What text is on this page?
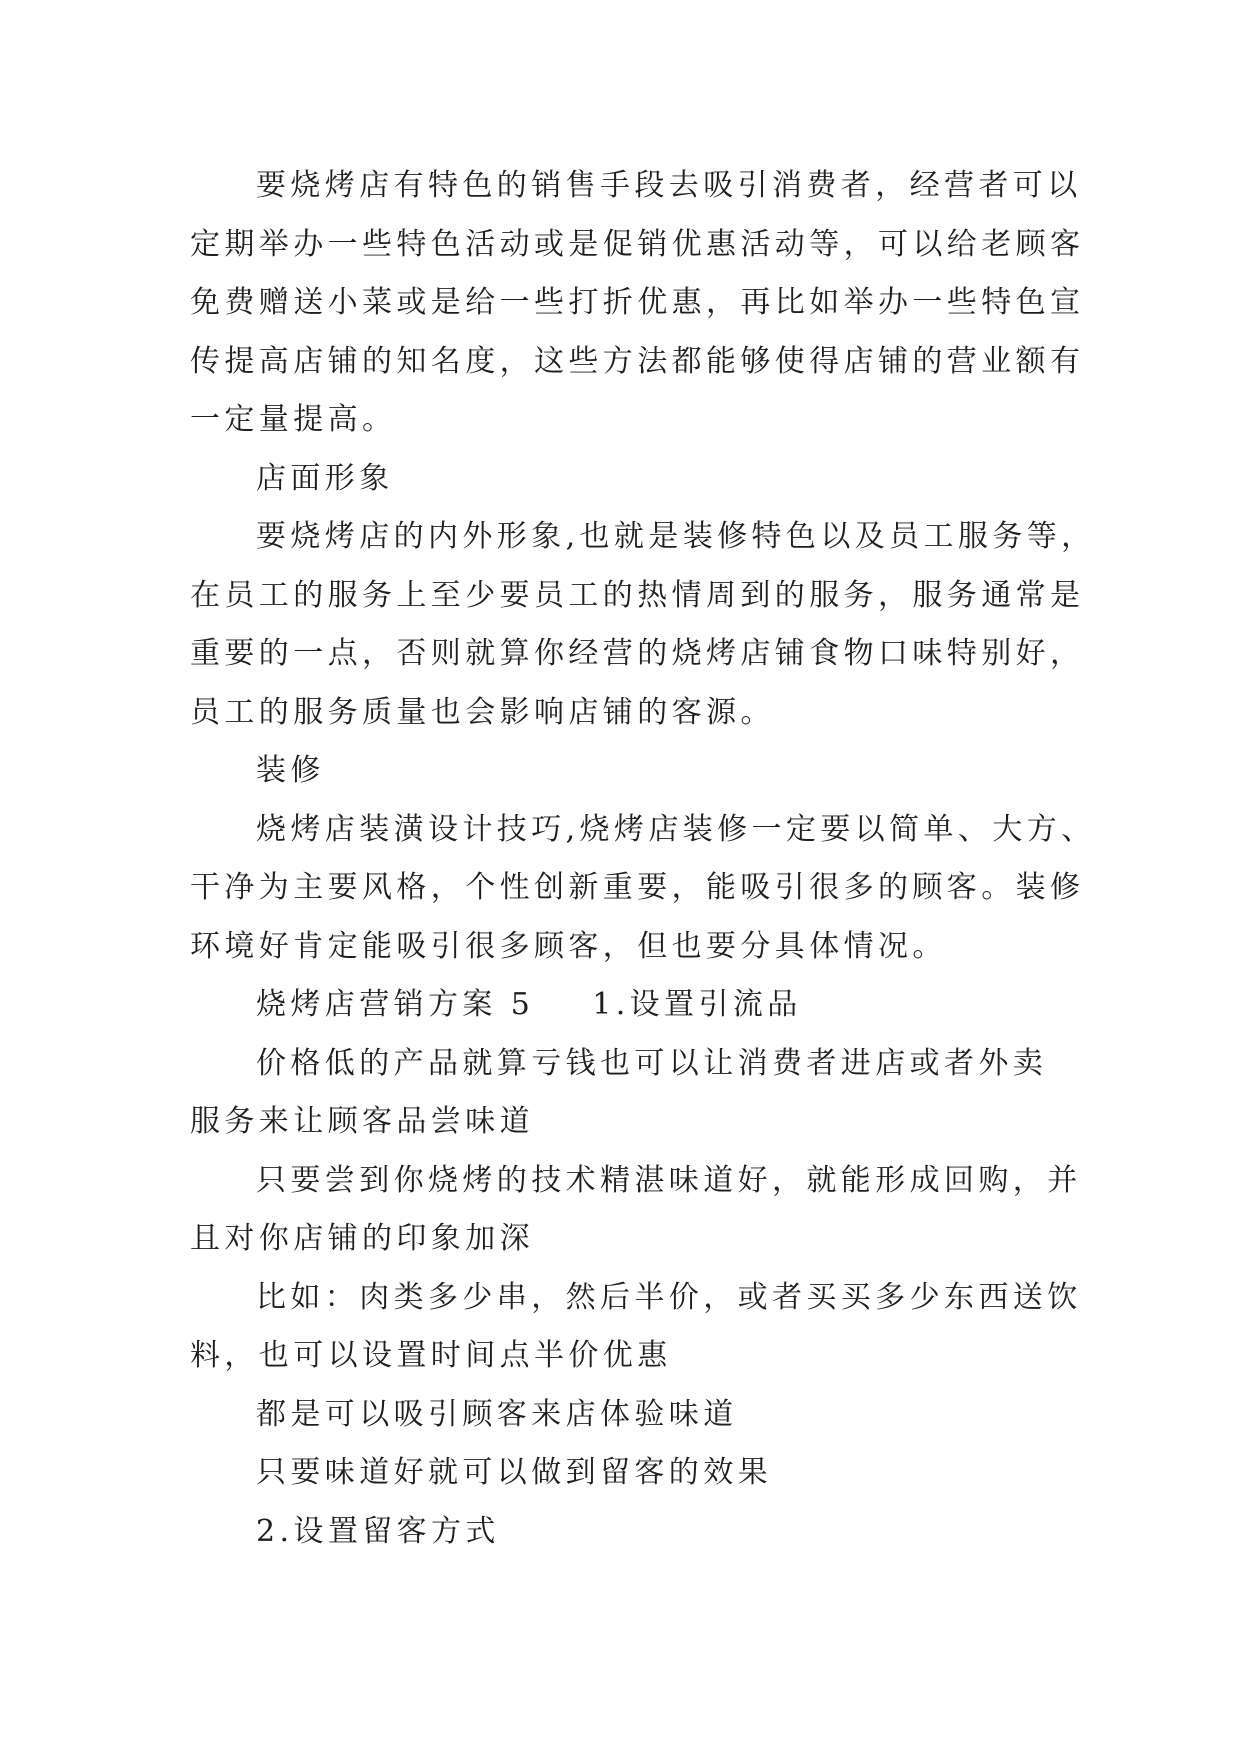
要烧烤店有特色的销售手段去吸引消费者，经营者可以
定期举办一些特色活动或是促销优惠活动等，可以给老顾客
免费赠送小菜或是给一些打折优惠，再比如举办一些特色宣
传提高店铺的知名度，这些方法都能够使得店铺的营业额有
一定量提高。
店面形象
要烧烤店的内外形象,也就是装修特色以及员工服务等，
在员工的服务上至少要员工的热情周到的服务，服务通常是
重要的一点，否则就算你经营的烧烤店铺食物口味特别好，
员工的服务质量也会影响店铺的客源。
装修
烧烤店装潢设计技巧,烧烤店装修一定要以简单、大方、
干净为主要风格，个性创新重要，能吸引很多的顾客。装修
环境好肯定能吸引很多顾客，但也要分具体情况。
烧烤店营销方案 5 1.设置引流品
价格低的产品就算亏钱也可以让消费者进店或者外卖
服务来让顾客品尝味道
只要尝到你烧烤的技术精湛味道好，就能形成回购，并
且对你店铺的印象加深
比如：肉类多少串，然后半价，或者买买多少东西送饮
料，也可以设置时间点半价优惠
都是可以吸引顾客来店体验味道
只要味道好就可以做到留客的效果
2.设置留客方式
